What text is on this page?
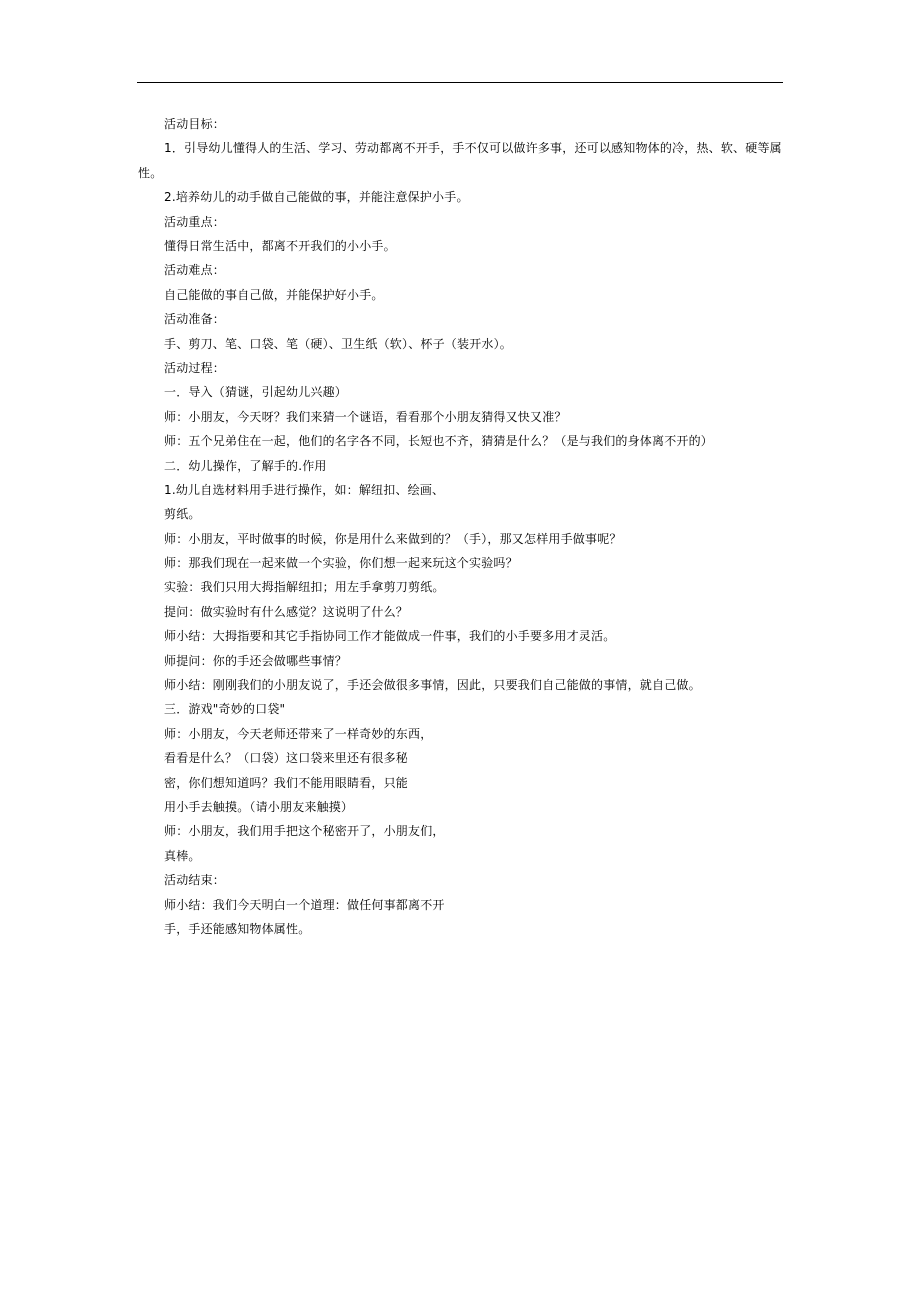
活动目标：
1．引导幼儿懂得人的生活、学习、劳动都离不开手，手不仅可以做许多事，还可以感知物体的冷，热、软、硬等属性。
2.培养幼儿的动手做自己能做的事，并能注意保护小手。
活动重点：
懂得日常生活中，都离不开我们的小小手。
活动难点：
自己能做的事自己做，并能保护好小手。
活动准备：
手、剪刀、笔、口袋、笔（硬）、卫生纸（软）、杯子（装开水）。
活动过程：
一．导入（猜谜，引起幼儿兴趣）
师：小朋友，今天呀？我们来猜一个谜语，看看那个小朋友猜得又快又准？
师：五个兄弟住在一起，他们的名字各不同，长短也不齐，猜猜是什么？（是与我们的身体离不开的）
二．幼儿操作，了解手的.作用
1.幼儿自选材料用手进行操作，如：解纽扣、绘画、
剪纸。
师：小朋友，平时做事的时候，你是用什么来做到的？（手），那又怎样用手做事呢？
师：那我们现在一起来做一个实验，你们想一起来玩这个实验吗？
实验：我们只用大拇指解纽扣；用左手拿剪刀剪纸。
提问：做实验时有什么感觉？这说明了什么？
师小结：大拇指要和其它手指协同工作才能做成一件事，我们的小手要多用才灵活。
师提问：你的手还会做哪些事情？
师小结：刚刚我们的小朋友说了，手还会做很多事情，因此，只要我们自己能做的事情，就自己做。
三．游戏"奇妙的口袋"
师：小朋友，今天老师还带来了一样奇妙的东西，
看看是什么？（口袋）这口袋来里还有很多秘
密，你们想知道吗？我们不能用眼睛看，只能
用小手去触摸。（请小朋友来触摸）
师：小朋友，我们用手把这个秘密开了，小朋友们，
真棒。
活动结束：
师小结：我们今天明白一个道理：做任何事都离不开
手，手还能感知物体属性。
